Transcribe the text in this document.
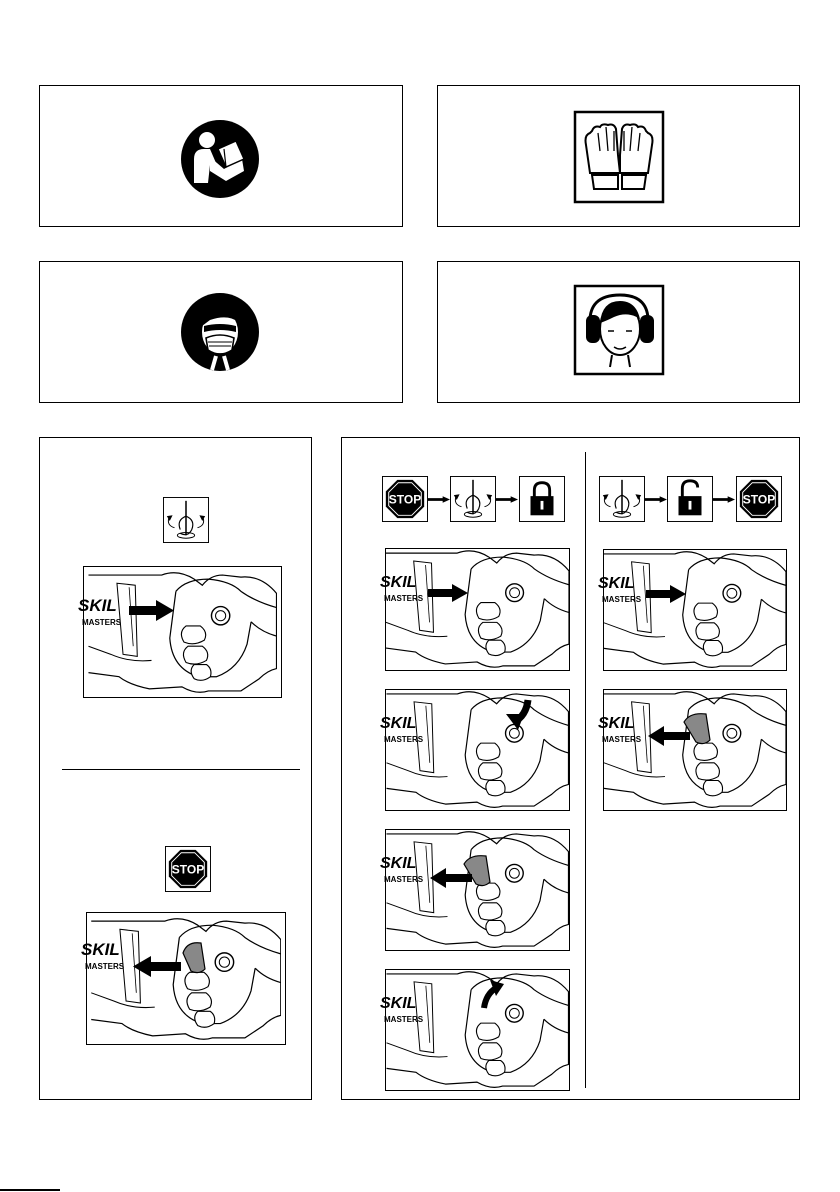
SKIL
MASTERS
STOP
SKIL
MASTERS
STOP	STOP
SKIL
MASTERS
SKIL
MASTERS
SKIL
MASTERS
SKIL
MASTERS
SKIL
MASTERS
SKIL
MASTERS
